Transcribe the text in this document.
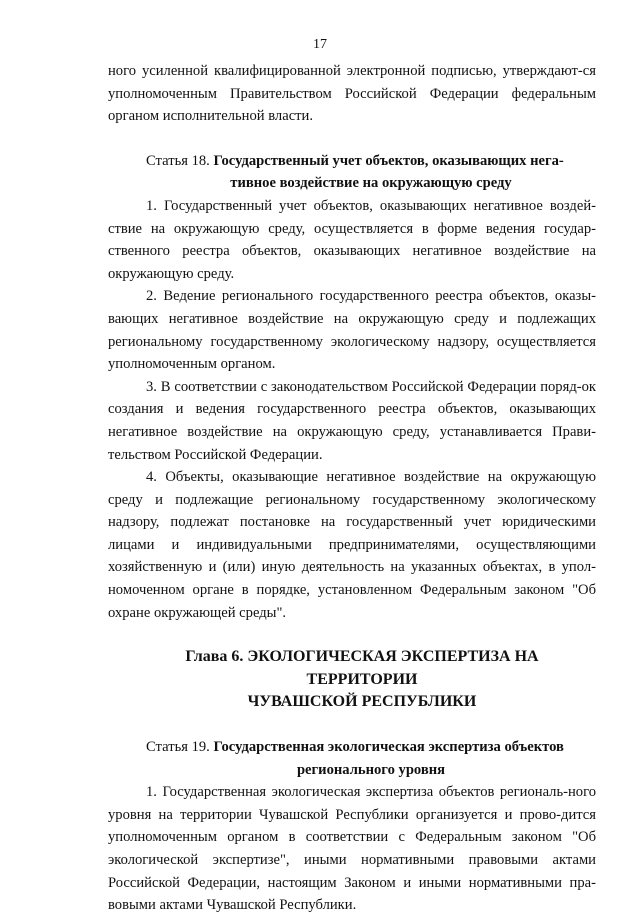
17

ного усиленной квалифицированной электронной подписью, утверждают-ся уполномоченным Правительством Российской Федерации федеральным органом исполнительной власти.

Статья 18. Государственный учет объектов, оказывающих нега-
тивное воздействие на окружающую среду

1. Государственный учет объектов, оказывающих негативное воздей-ствие на окружающую среду, осуществляется в форме ведения государ-ственного реестра объектов, оказывающих негативное воздействие на окружающую среду.

2. Ведение регионального государственного реестра объектов, оказы-вающих негативное воздействие на окружающую среду и подлежащих региональному государственному экологическому надзору, осуществляется уполномоченным органом.

3. В соответствии с законодательством Российской Федерации поряд-ок создания и ведения государственного реестра объектов, оказывающих негативное воздействие на окружающую среду, устанавливается Прави-тельством Российской Федерации.

4. Объекты, оказывающие негативное воздействие на окружающую среду и подлежащие региональному государственному экологическому надзору, подлежат постановке на государственный учет юридическими лицами и индивидуальными предпринимателями, осуществляющими хозяйственную и (или) иную деятельность на указанных объектах, в упол-номоченном органе в порядке, установленном Федеральным законом "Об охране окружающей среды".

Глава 6. ЭКОЛОГИЧЕСКАЯ ЭКСПЕРТИЗА НА ТЕРРИТОРИИ
ЧУВАШСКОЙ РЕСПУБЛИКИ
Статья 19. Государственная экологическая экспертиза объектов
регионального уровня

1. Государственная экологическая экспертиза объектов региональ-ного уровня на территории Чувашской Республики организуется и прово-дится уполномоченным органом в соответствии с Федеральным законом "Об экологической экспертизе", иными нормативными правовыми актами Российской Федерации, настоящим Законом и иными нормативными пра-вовыми актами Чувашской Республики.
